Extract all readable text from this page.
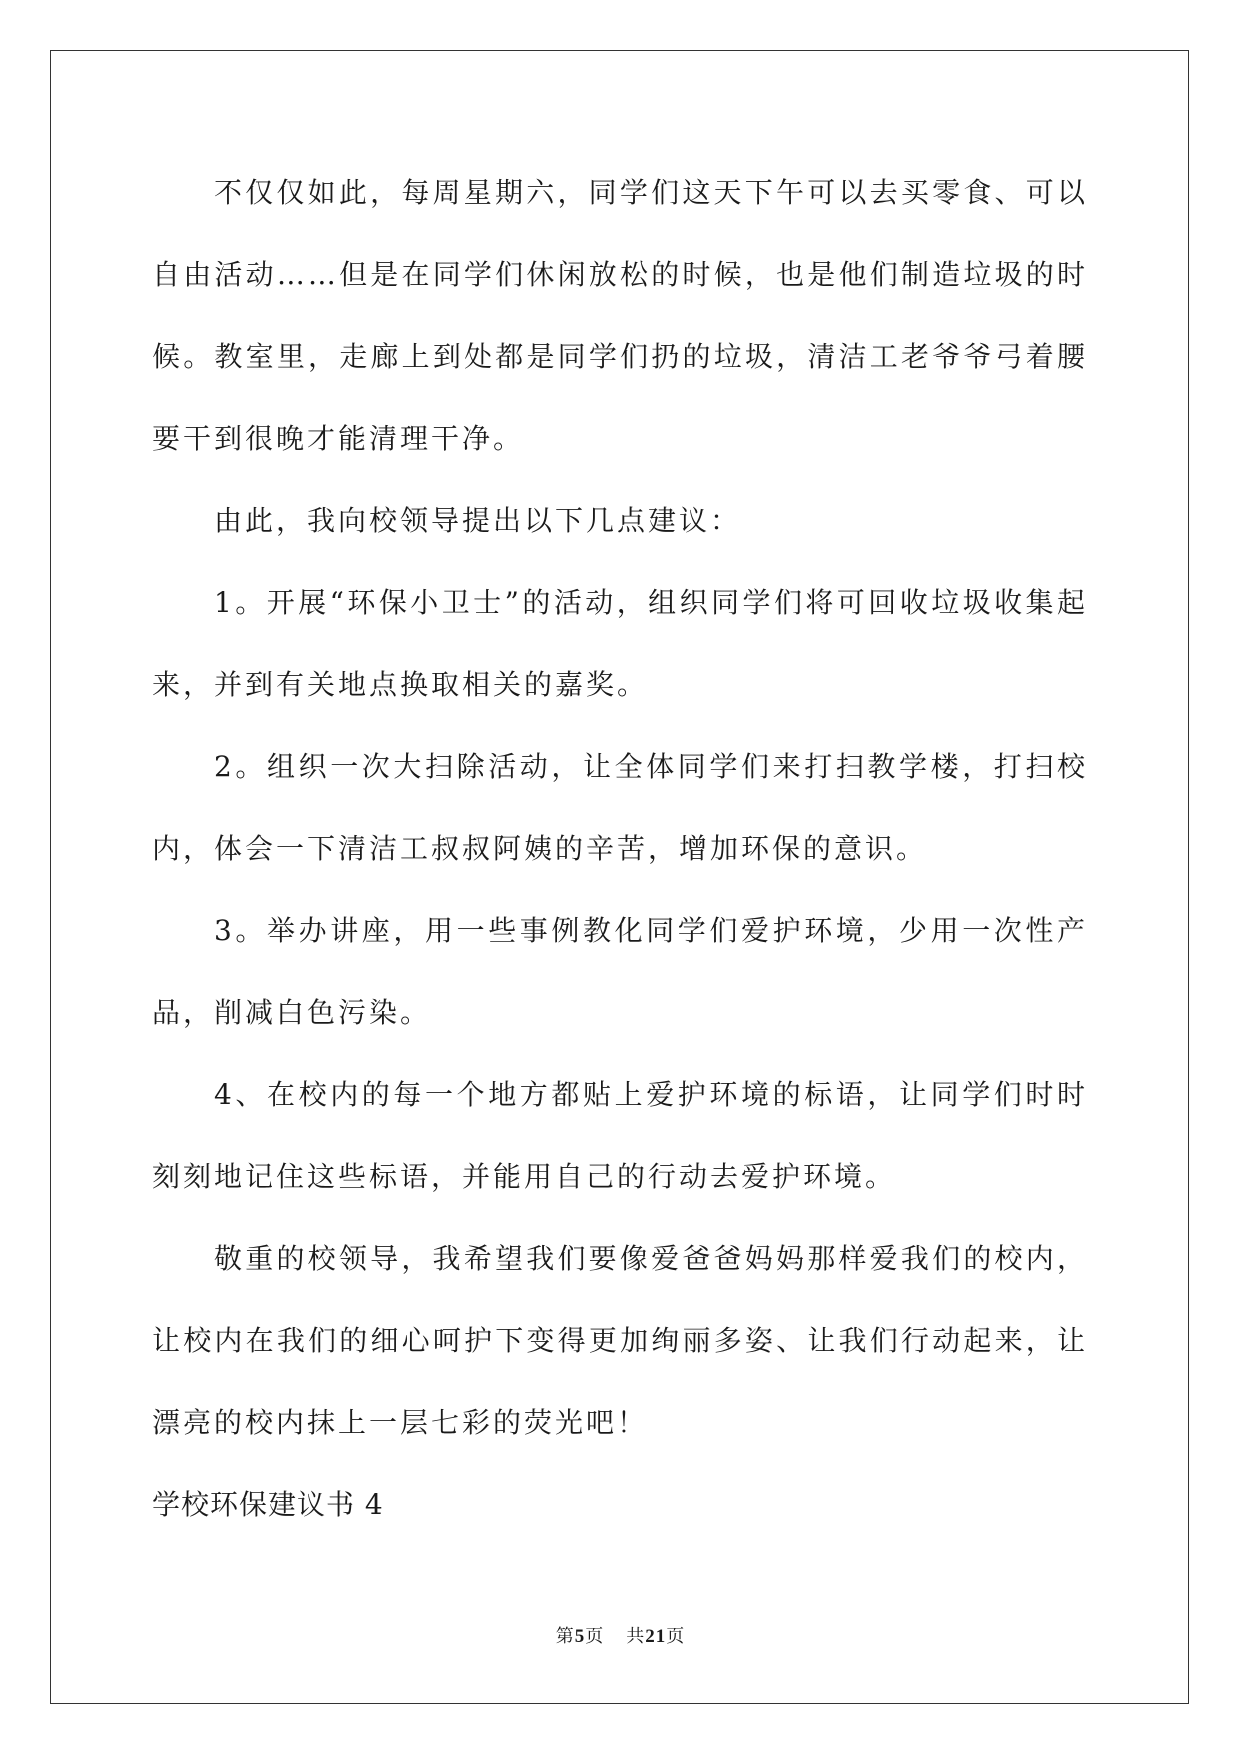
不仅仅如此，每周星期六，同学们这天下午可以去买零食、可以自由活动……但是在同学们休闲放松的时候，也是他们制造垃圾的时候。教室里，走廊上到处都是同学们扔的垃圾，清洁工老爷爷弓着腰要干到很晚才能清理干净。

由此，我向校领导提出以下几点建议：

1。开展“环保小卫士”的活动，组织同学们将可回收垃圾收集起来，并到有关地点换取相关的嘉奖。

2。组织一次大扫除活动，让全体同学们来打扫教学楼，打扫校内，体会一下清洁工叔叔阿姨的辛苦，增加环保的意识。

3。举办讲座，用一些事例教化同学们爱护环境，少用一次性产品，削减白色污染。

4、在校内的每一个地方都贴上爱护环境的标语，让同学们时时刻刻地记住这些标语，并能用自己的行动去爱护环境。

敬重的校领导，我希望我们要像爱爸爸妈妈那样爱我们的校内，让校内在我们的细心呵护下变得更加绚丽多姿、让我们行动起来，让漂亮的校内抹上一层七彩的荧光吧！

学校环保建议书 4

第5页 共21页
